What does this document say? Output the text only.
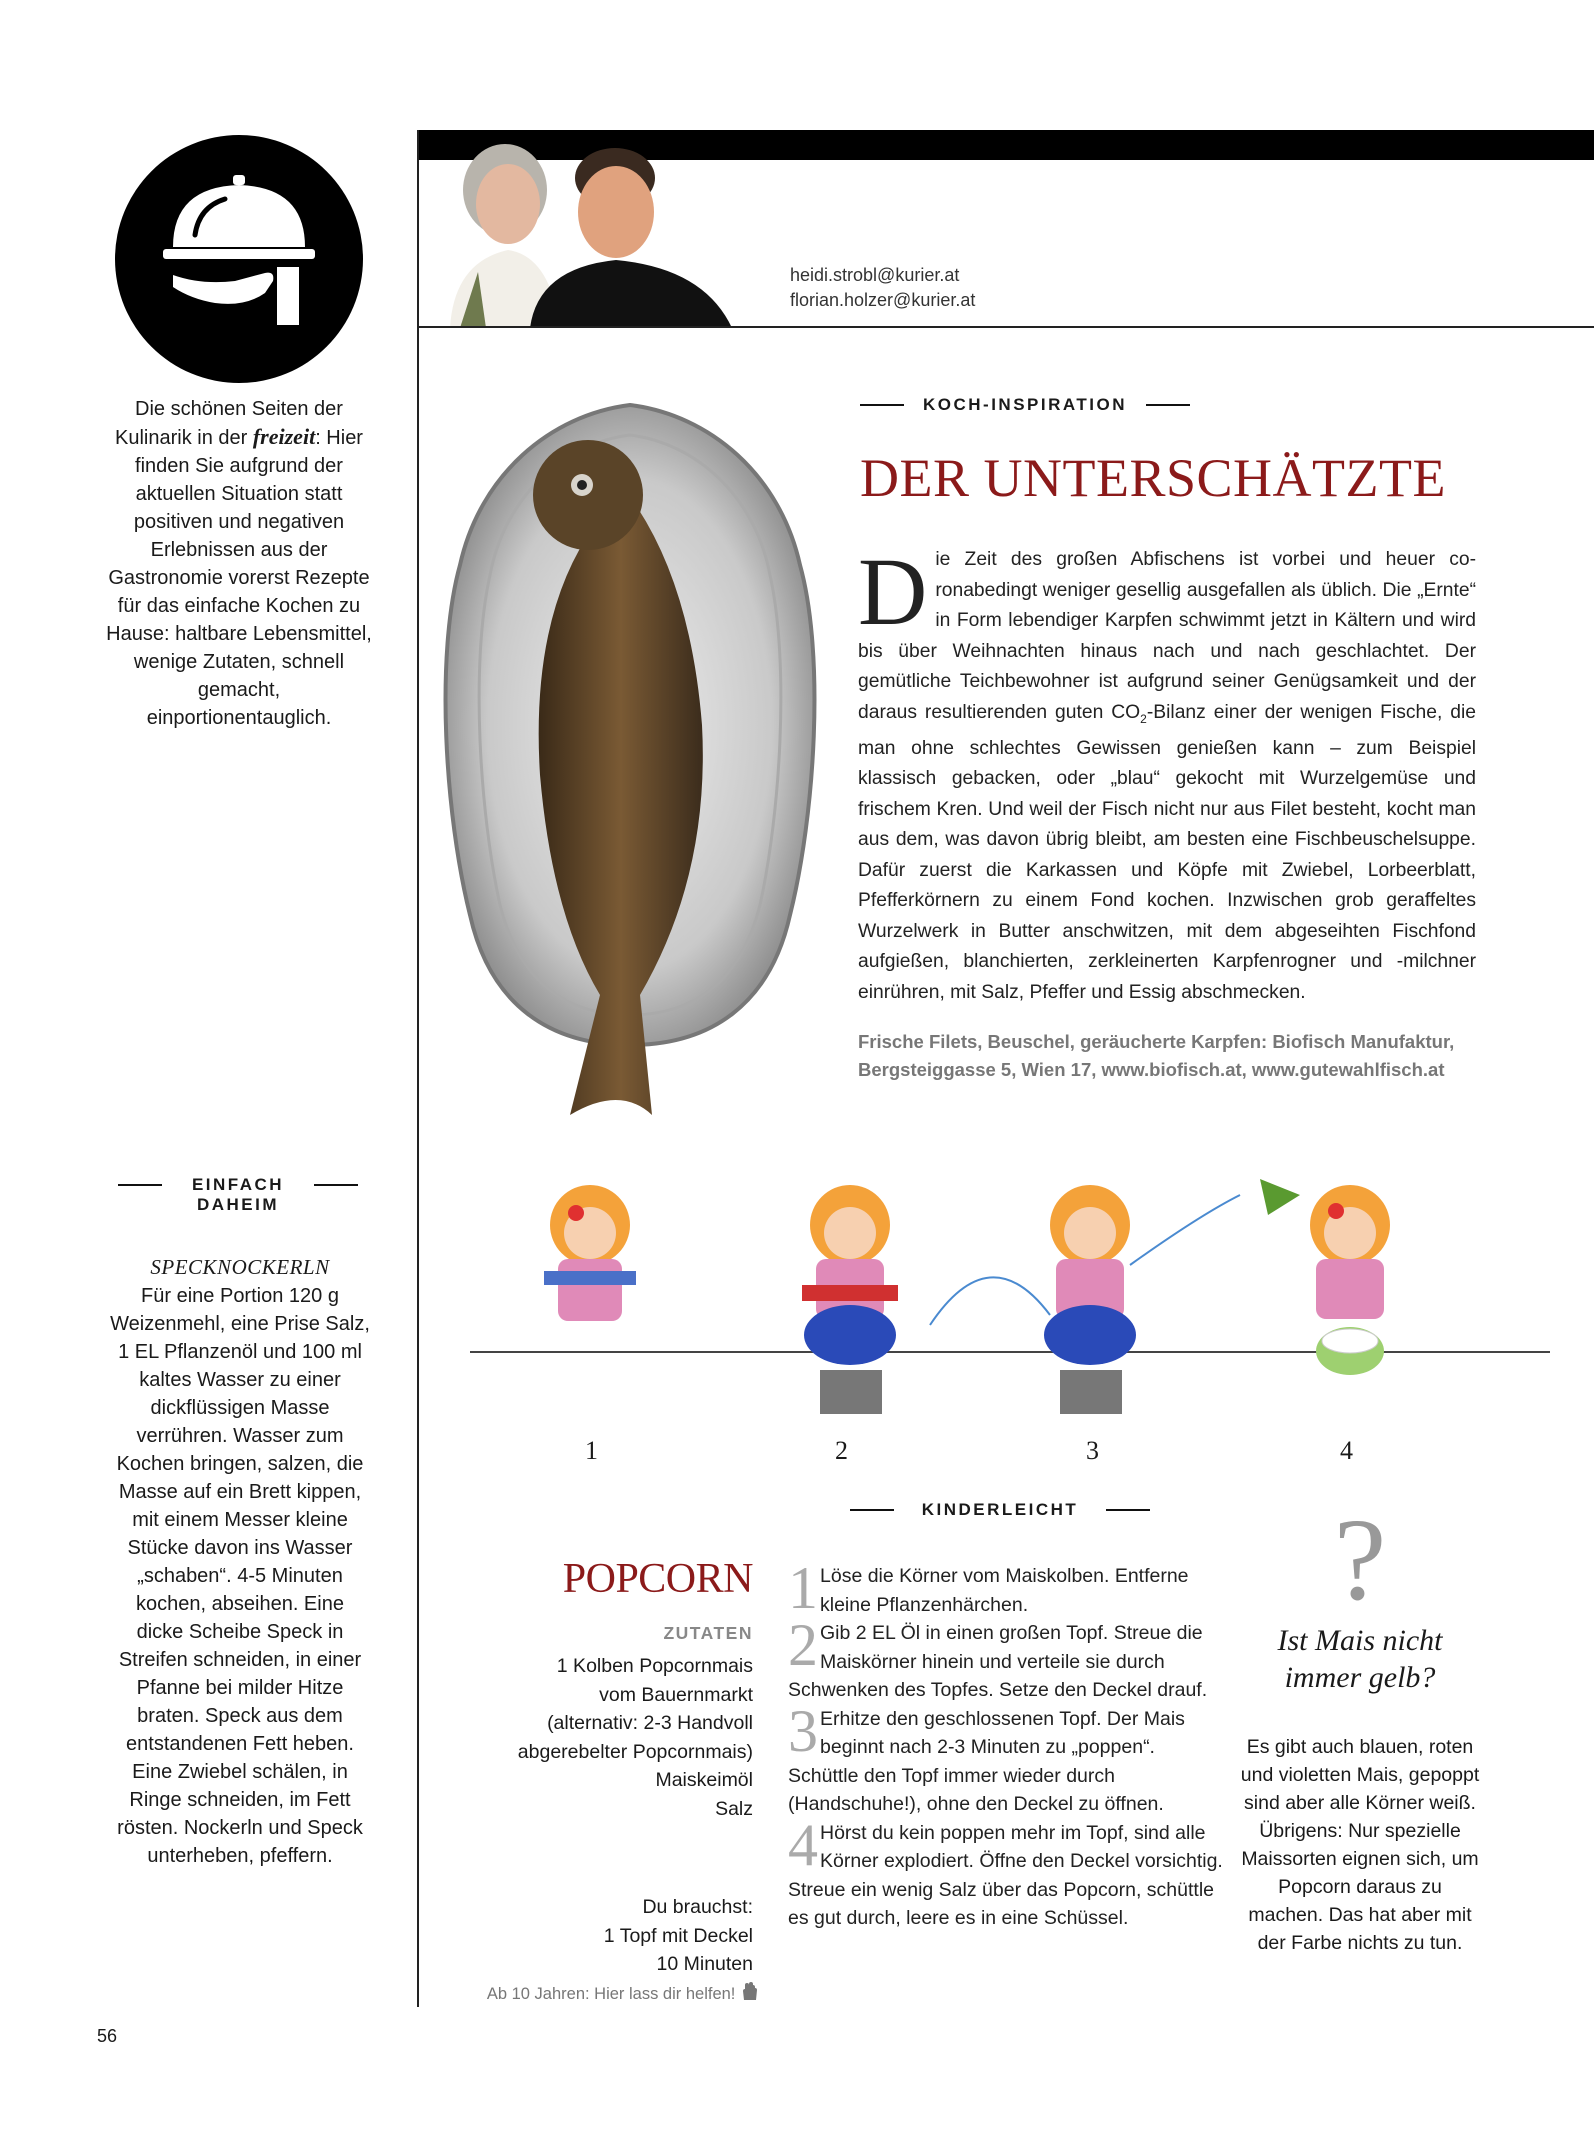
Die schönen Seiten der Kulinarik in der freizeit: Hier finden Sie aufgrund der aktuellen Situation statt positiven und negativen Erlebnissen aus der Gastronomie vorerst Rezepte für das einfache Kochen zu Hause: haltbare Lebensmittel, wenige Zutaten, schnell gemacht, einportionentauglich.
EINFACH
DAHEIM
SPECKNOCKERLN
Für eine Portion 120 g Weizenmehl, eine Prise Salz, 1 EL Pflanzenöl und 100 ml kaltes Wasser zu einer dickflüssigen Masse verrühren. Wasser zum Kochen bringen, salzen, die Masse auf ein Brett kippen, mit einem Messer kleine Stücke davon ins Wasser „schaben“. 4-5 Minuten kochen, abseihen. Eine dicke Scheibe Speck in Streifen schneiden, in einer Pfanne bei milder Hitze braten. Speck aus dem entstandenen Fett heben. Eine Zwiebel schälen, in Ringe schneiden, im Fett rösten. Nockerln und Speck unterheben, pfeffern.
56
heidi.strobl@kurier.at
florian.holzer@kurier.at
KOCH-INSPIRATION
DER UNTERSCHÄTZTE
Die Zeit des großen Abfischens ist vorbei und heuer co-ronabedingt weniger gesellig ausgefallen als üblich. Die „Ernte“ in Form lebendiger Karpfen schwimmt jetzt in Kältern und wird bis über Weihnachten hinaus nach und nach geschlachtet. Der gemütliche Teichbewohner ist aufgrund seiner Genügsamkeit und der daraus resultierenden guten $CO_2$-Bilanz einer der wenigen Fische, die man ohne schlechtes Gewissen genießen kann – zum Beispiel klassisch gebacken, oder „blau“ gekocht mit Wurzelgemüse und frischem Kren. Und weil der Fisch nicht nur aus Filet besteht, kocht man aus dem, was davon übrig bleibt, am besten eine Fischbeuschelsuppe. Dafür zuerst die Karkassen und Köpfe mit Zwiebel, Lorbeerblatt, Pfefferkörnern zu einem Fond kochen. Inzwischen grob geraffeltes Wurzelwerk in Butter anschwitzen, mit dem abgeseihten Fischfond aufgießen, blanchierten, zerkleinerten Karpfenrogner und -milchner einrühren, mit Salz, Pfeffer und Essig abschmecken.
Frische Filets, Beuschel, geräucherte Karpfen: Biofisch Manufaktur, Bergsteiggasse 5, Wien 17, www.biofisch.at, www.gutewahlfisch.at
1	2	3	4
KINDERLEICHT
POPCORN
ZUTATEN
1 Kolben Popcornmais
vom Bauernmarkt
(alternativ: 2-3 Handvoll
abgerebelter Popcornmais)
Maiskeimöl
Salz
Du brauchst:
1 Topf mit Deckel
10 Minuten
Ab 10 Jahren: Hier lass dir helfen!
1 Löse die Körner vom Maiskolben. Entferne kleine Pflanzenhärchen.
2 Gib 2 EL Öl in einen großen Topf. Streue die Maiskörner hinein und verteile sie durch Schwenken des Topfes. Setze den Deckel drauf.
3 Erhitze den geschlossenen Topf. Der Mais beginnt nach 2-3 Minuten zu „poppen“. Schüttle den Topf immer wieder durch (Handschuhe!), ohne den Deckel zu öffnen.
4 Hörst du kein poppen mehr im Topf, sind alle Körner explodiert. Öffne den Deckel vorsichtig. Streue ein wenig Salz über das Popcorn, schüttle es gut durch, leere es in eine Schüssel.
?
Ist Mais nicht immer gelb?
Es gibt auch blauen, roten und violetten Mais, gepoppt sind aber alle Körner weiß. Übrigens: Nur spezielle Maissorten eignen sich, um Popcorn daraus zu machen. Das hat aber mit der Farbe nichts zu tun.
